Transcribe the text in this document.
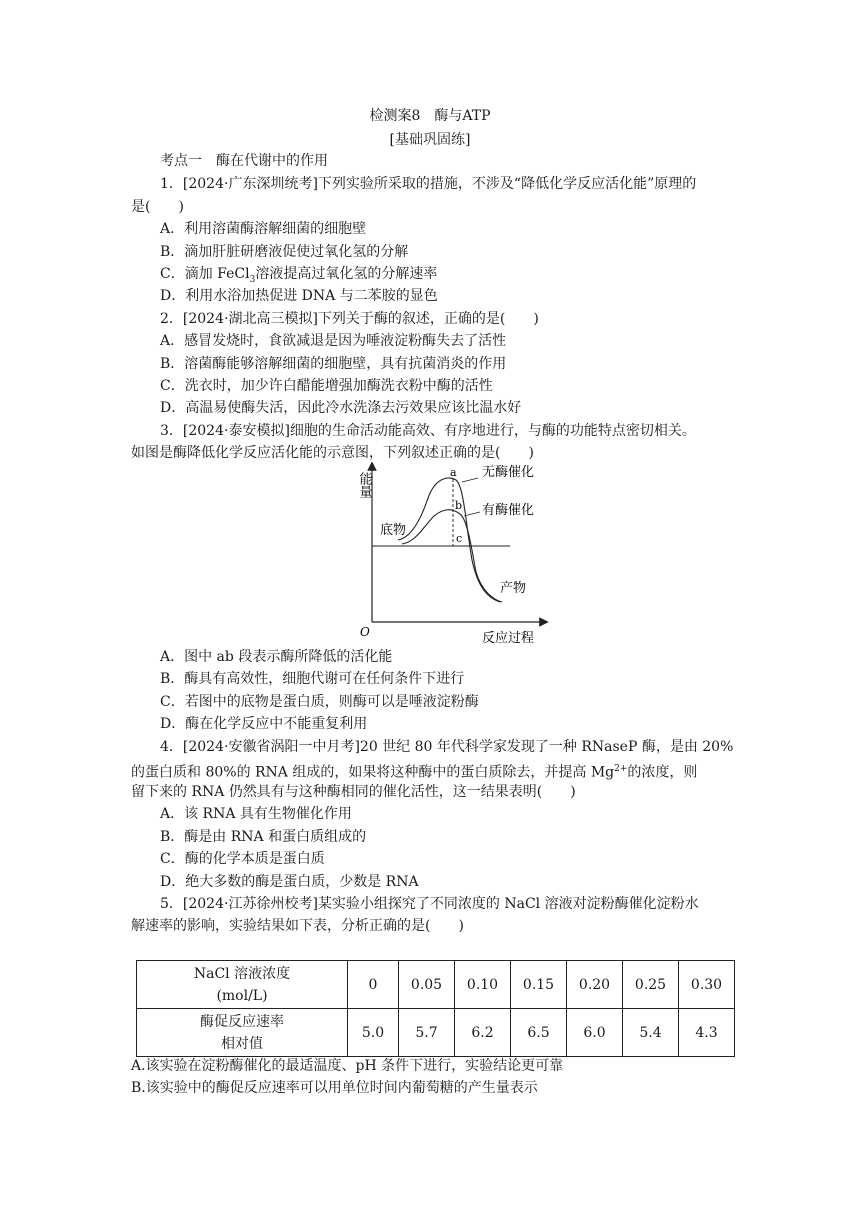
检测案8　酶与ATP
[基础巩固练]
考点一　酶在代谢中的作用
1．[2024·广东深圳统考]下列实验所采取的措施，不涉及“降低化学反应活化能”原理的
是(　　)
A．利用溶菌酶溶解细菌的细胞壁
B．滴加肝脏研磨液促使过氧化氢的分解
C．滴加 FeCl$_3$溶液提高过氧化氢的分解速率
D．利用水浴加热促进 DNA 与二苯胺的显色
2．[2024·湖北高三模拟]下列关于酶的叙述，正确的是(　　)
A．感冒发烧时，食欲减退是因为唾液淀粉酶失去了活性
B．溶菌酶能够溶解细菌的细胞壁，具有抗菌消炎的作用
C．洗衣时，加少许白醋能增强加酶洗衣粉中酶的活性
D．高温易使酶失活，因此冷水洗涤去污效果应该比温水好
3．[2024·泰安模拟]细胞的生命活动能高效、有序地进行，与酶的功能特点密切相关。
如图是酶降低化学反应活化能的示意图，下列叙述正确的是(　　)
能量
反应过程
O
a
b
c
无酶催化
有酶催化
底物
产物
A．图中 ab 段表示酶所降低的活化能
B．酶具有高效性，细胞代谢可在任何条件下进行
C．若图中的底物是蛋白质，则酶可以是唾液淀粉酶
D．酶在化学反应中不能重复利用
4．[2024·安徽省涡阳一中月考]20 世纪 80 年代科学家发现了一种 RNaseP 酶，是由 20%
的蛋白质和 80%的 RNA 组成的，如果将这种酶中的蛋白质除去，并提高 $Mg^{2+}$的浓度，则
留下来的 RNA 仍然具有与这种酶相同的催化活性，这一结果表明(　　)
A．该 RNA 具有生物催化作用
B．酶是由 RNA 和蛋白质组成的
C．酶的化学本质是蛋白质
D．绝大多数的酶是蛋白质，少数是 RNA
5．[2024·江苏徐州校考]某实验小组探究了不同浓度的 NaCl 溶液对淀粉酶催化淀粉水
解速率的影响，实验结果如下表，分析正确的是(　　)
NaCl 溶液浓度
(mol/L)	0	0.05	0.10	0.15	0.20	0.25	0.30
酶促反应速率
相对值	5.0	5.7	6.2	6.5	6.0	5.4	4.3
A.该实验在淀粉酶催化的最适温度、pH 条件下进行，实验结论更可靠
B.该实验中的酶促反应速率可以用单位时间内葡萄糖的产生量表示
